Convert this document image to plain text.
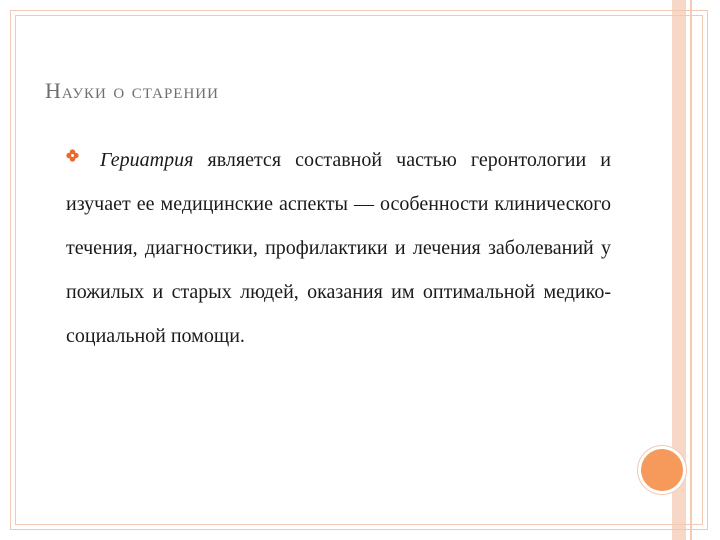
Науки о старении
Гериатрия является составной частью геронтологии и изучает ее медицинские аспекты — особенности клинического течения, диагностики, профилактики и лечения заболеваний у пожилых и старых людей, оказания им оптимальной медико-социальной помощи.
